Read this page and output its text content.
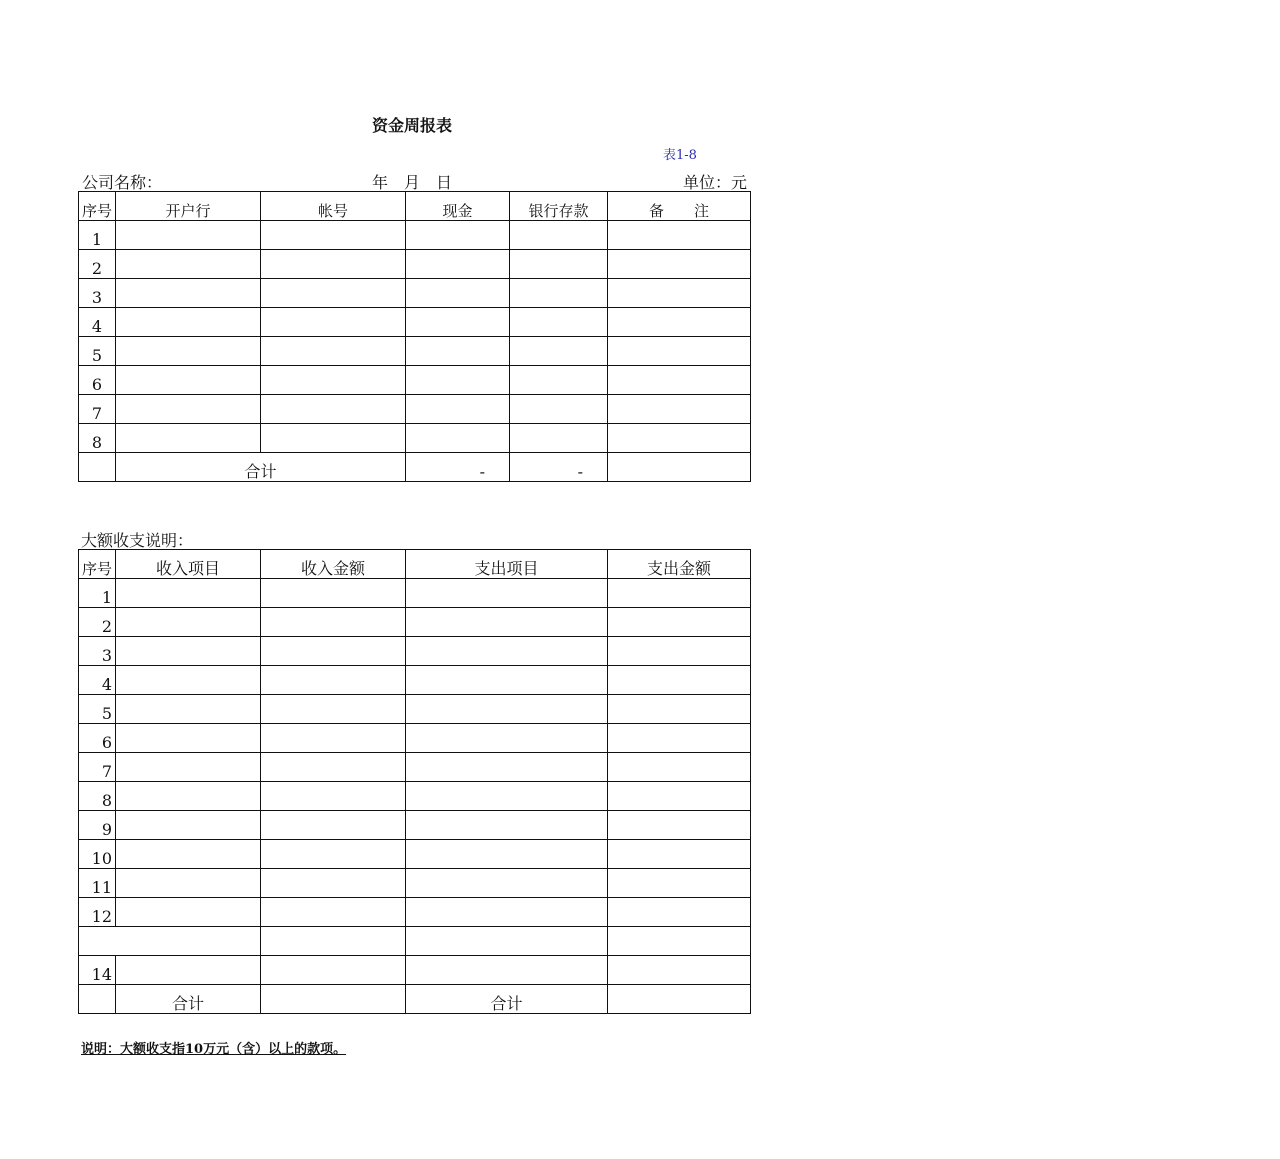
资金周报表
表1-8
公司名称：	年　月　日	单位：元
序号	开户行	帐号	现金	银行存款	备　　注
1					
2					
3					
4					
5					
6					
7					
8					
	合计		-	-	
大额收支说明：
序号	收入项目	收入金额	支出项目	支出金额
1				
2				
3				
4				
5				
6				
7				
8				
9				
10				
11				
12				

14				
	合计		合计	
说明：大额收支指10万元（含）以上的款项。
